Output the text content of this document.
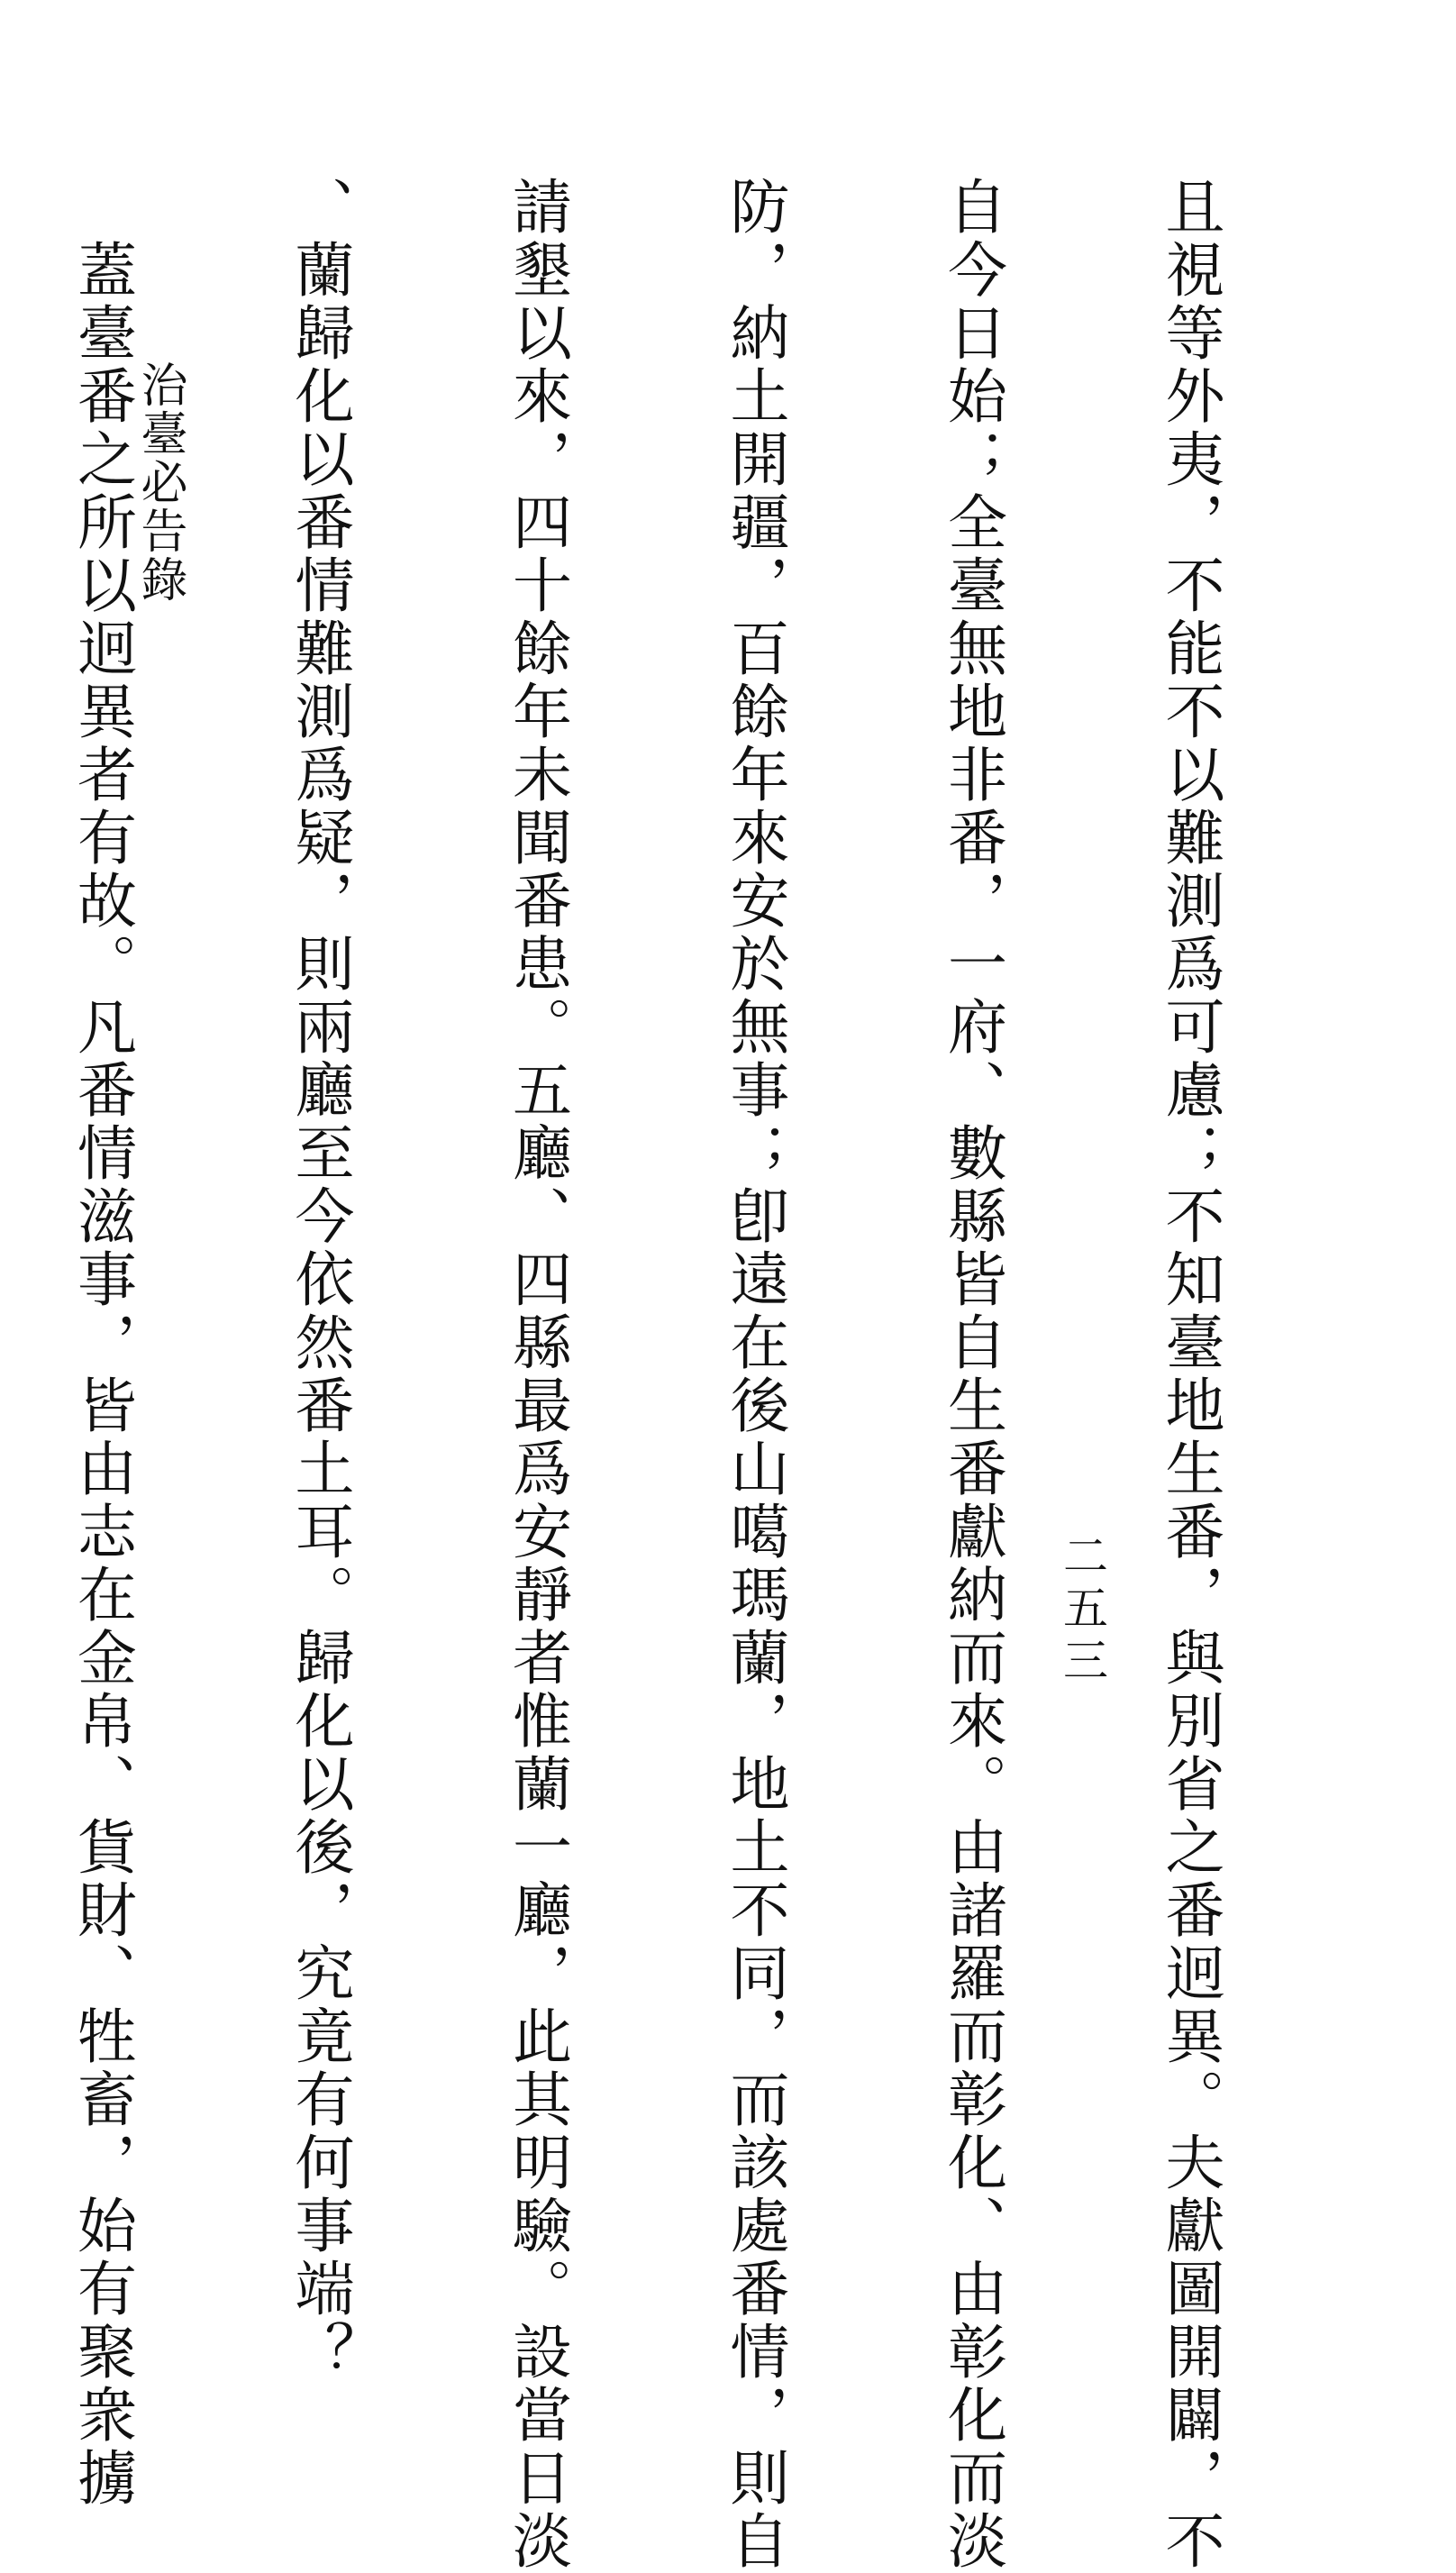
且視等外夷，不能不以難測爲可慮；不知臺地生番，與別省之番迥異。夫獻圖開闢，不

自今日始；全臺無地非番，一府、數縣皆自生番獻納而來。由諸羅而彰化、由彰化而淡

防，納土開疆，百餘年來安於無事；卽遠在後山噶瑪蘭，地土不同，而該處番情，則自

請墾以來，四十餘年未聞番患。五廳、四縣最爲安靜者惟蘭一廳，此其明驗。設當日淡

、蘭歸化以番情難測爲疑，則兩廳至今依然番土耳。歸化以後，究竟有何事端？

　蓋臺番之所以迥異者有故。凡番情滋事，皆由志在金帛、貨財、牲畜，始有聚衆擄

	二五三
治臺必告錄
